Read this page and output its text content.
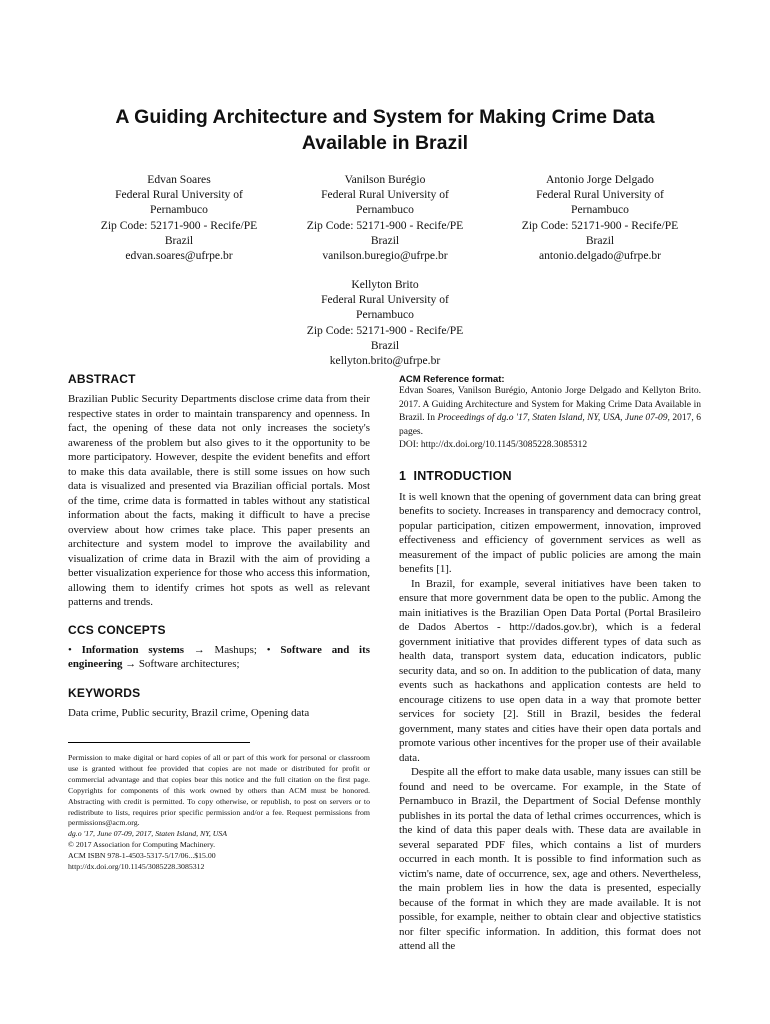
A Guiding Architecture and System for Making Crime Data
Available in Brazil
Edvan Soares
Federal Rural University of
Pernambuco
Zip Code: 52171-900 - Recife/PE
Brazil
edvan.soares@ufrpe.br
Vanilson Burégio
Federal Rural University of
Pernambuco
Zip Code: 52171-900 - Recife/PE
Brazil
vanilson.buregio@ufrpe.br
Antonio Jorge Delgado
Federal Rural University of
Pernambuco
Zip Code: 52171-900 - Recife/PE
Brazil
antonio.delgado@ufrpe.br
Kellyton Brito
Federal Rural University of
Pernambuco
Zip Code: 52171-900 - Recife/PE
Brazil
kellyton.brito@ufrpe.br
ABSTRACT
Brazilian Public Security Departments disclose crime data from their respective states in order to maintain transparency and openness. In fact, the opening of these data not only increases the society's awareness of the problem but also gives to it the opportunity to be more participatory. However, despite the evident benefits and effort to make this data available, there is still some issues on how such data is visualized and presented via Brazilian official portals. Most of the time, crime data is formatted in tables without any statistical information about the facts, making it difficult to have a precise overview about how crimes take place. This paper presents an architecture and system model to improve the availability and visualization of crime data in Brazil with the aim of providing a better visualization experience for those who access this information, allowing them to identify crimes hot spots as well as relevant patterns and trends.
CCS CONCEPTS
• Information systems → Mashups; • Software and its engineering → Software architectures;
KEYWORDS
Data crime, Public security, Brazil crime, Opening data

Permission to make digital or hard copies of all or part of this work for personal or classroom use is granted without fee provided that copies are not made or distributed for profit or commercial advantage and that copies bear this notice and the full citation on the first page. Copyrights for components of this work owned by others than ACM must be honored. Abstracting with credit is permitted. To copy otherwise, or republish, to post on servers or to redistribute to lists, requires prior specific permission and/or a fee. Request permissions from permissions@acm.org.

dg.o '17, June 07-09, 2017, Staten Island, NY, USA

© 2017 Association for Computing Machinery.

ACM ISBN 978-1-4503-5317-5/17/06...$15.00

http://dx.doi.org/10.1145/3085228.3085312

ACM Reference format:
Edvan Soares, Vanilson Burégio, Antonio Jorge Delgado and Kellyton Brito. 2017. A Guiding Architecture and System for Making Crime Data Available in Brazil. In Proceedings of dg.o '17, Staten Island, NY, USA, June 07-09, 2017, 6 pages.
DOI: http://dx.doi.org/10.1145/3085228.3085312
1 INTRODUCTION

It is well known that the opening of government data can bring great benefits to society. Increases in transparency and democracy control, popular participation, citizen empowerment, innovation, improved effectiveness and efficiency of government services as well as measurement of the impact of public policies are among the main benefits [1].

In Brazil, for example, several initiatives have been taken to ensure that more government data be open to the public. Among the main initiatives is the Brazilian Open Data Portal (Portal Brasileiro de Dados Abertos - http://dados.gov.br), which is a federal government initiative that provides different types of data such as health data, transport system data, education indicators, public security data, and so on. In addition to the publication of data, many events such as hackathons and application contests are held to encourage citizens to use open data in a way that promote better services for society [2]. Still in Brazil, besides the federal government, many states and cities have their open data portals and promote various other incentives for the proper use of their available data.

Despite all the effort to make data usable, many issues can still be found and need to be overcame. For example, in the State of Pernambuco in Brazil, the Department of Social Defense monthly publishes in its portal the data of lethal crimes occurrences, which is the kind of data this paper deals with. These data are available in several separated PDF files, which contains a list of murders occurred in each month. It is possible to find information such as victim's name, date of occurrence, sex, age and others. Nevertheless, the main problem lies in how the data is presented, especially because of the format in which they are made available. It is not possible, for example, neither to obtain clear and objective statistics nor filter specific information. In addition, this format does not attend all the
